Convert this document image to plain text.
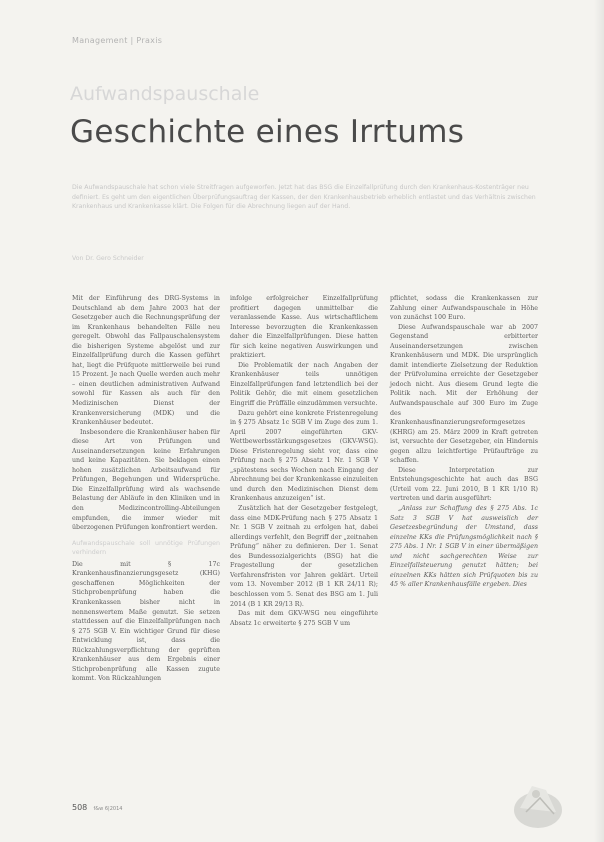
Management | Praxis
Aufwandspauschale
Geschichte eines Irrtums
Die Aufwandspauschale hat schon viele Streitfragen aufgeworfen. Jetzt hat das BSG die Einzelfallprüfung durch den Krankenhaus-Kostenträger neu definiert. Es geht um den eigentlichen Überprüfungsauftrag der Kassen, der den Krankenhausbetrieb erheblich entlastet und das Verhältnis zwischen Krankenhaus und Krankenkasse klärt. Die Folgen für die Abrechnung liegen auf der Hand.
Von Dr. Gero Schneider

Mit der Einführung des DRG-Systems in Deutschland ab dem Jahre 2003 hat der Gesetzgeber auch die Rechnungsprüfung der im Krankenhaus behandelten Fälle neu geregelt. Obwohl das Fallpauschalensystem die bisherigen Systeme abgelöst und zur Einzelfallprüfung durch die Kassen geführt hat, liegt die Prüfquote mittlerweile bei rund 15 Prozent. Je nach Quelle werden auch mehr – einen deutlichen administrativen Aufwand sowohl für Kassen als auch für den Medizinischen Dienst der Krankenversicherung (MDK) und die Krankenhäuser bedeutet.

Insbesondere die Krankenhäuser haben für diese Art von Prüfungen und Auseinandersetzungen keine Erfahrungen und keine Kapazitäten. Sie beklagen einen hohen zusätzlichen Arbeitsaufwand für Prüfungen, Begehungen und Widersprüche. Die Einzelfallprüfung wird als wachsende Belastung der Abläufe in den Kliniken und in den Medizincontrolling-Abteilungen empfunden, die immer wieder mit überzogenen Prüfungen konfrontiert werden.

Aufwandspauschale soll unnötige Prüfungen verhindern

Die mit § 17c Krankenhausfinanzierungsgesetz (KHG) geschaffenen Möglichkeiten der Stichprobenprüfung haben die Krankenkassen bisher nicht in nennenswertem Maße genutzt. Sie setzen stattdessen auf die Einzelfallprüfungen nach § 275 SGB V. Ein wichtiger Grund für diese Entwicklung ist, dass die Rückzahlungsverpflichtung der geprüften Krankenhäuser aus dem Ergebnis einer Stichprobenprüfung alle Kassen zugute kommt. Von Rückzahlungen

infolge erfolgreicher Einzelfallprüfung profitiert dagegen unmittelbar die veranlassende Kasse. Aus wirtschaftlichem Interesse bevorzugten die Krankenkassen daher die Einzelfallprüfungen. Diese hatten für sich keine negativen Auswirkungen und praktiziert.

Die Problematik der nach Angaben der Krankenhäuser teils unnötigen Einzelfallprüfungen fand letztendlich bei der Politik Gehör, die mit einem gesetzlichen Eingriff die Prüffälle einzudämmen versuchte.

Dazu gehört eine konkrete Fristenregelung in § 275 Absatz 1c SGB V im Zuge des zum 1. April 2007 eingeführten GKV-Wettbewerbsstärkungsgesetzes (GKV-WSG). Diese Fristenregelung sieht vor, dass eine Prüfung nach § 275 Absatz 1 Nr. 1 SGB V „spätestens sechs Wochen nach Eingang der Abrechnung bei der Krankenkasse einzuleiten und durch den Medizinischen Dienst dem Krankenhaus anzuzeigen“ ist.

Zusätzlich hat der Gesetzgeber festgelegt, dass eine MDK-Prüfung nach § 275 Absatz 1 Nr. 1 SGB V zeitnah zu erfolgen hat, dabei allerdings verfehlt, den Begriff der „zeitnahen Prüfung“ näher zu definieren. Der 1. Senat des Bundessozialgerichts (BSG) hat die Fragestellung der gesetzlichen Verfahrensfristen vor Jahren geklärt. Urteil vom 13. November 2012 (B 1 KR 24/11 R); beschlossen vom 5. Senat des BSG am 1. Juli 2014 (B 1 KR 29/13 R).

Das mit dem GKV-WSG neu eingeführte Absatz 1c erweiterte § 275 SGB V um

pflichtet, sodass die Krankenkassen zur Zahlung einer Aufwandspauschale in Höhe von zunächst 100 Euro.

Diese Aufwandspauschale war ab 2007 Gegenstand erbitterter Auseinandersetzungen zwischen Krankenhäusern und MDK. Die ursprünglich damit intendierte Zielsetzung der Reduktion der Prüfvolumina erreichte der Gesetzgeber jedoch nicht. Aus diesem Grund legte die Politik nach. Mit der Erhöhung der Aufwandspauschale auf 300 Euro im Zuge des Krankenhausfinanzierungsreformgesetzes (KHRG) am 25. März 2009 in Kraft getreten ist, versuchte der Gesetzgeber, ein Hindernis gegen allzu leichtfertige Prüfaufträge zu schaffen.

Diese Interpretation zur Entstehungsgeschichte hat auch das BSG (Urteil vom 22. Juni 2010, B 1 KR 1/10 R) vertreten und darin ausgeführt:

„Anlass zur Schaffung des § 275 Abs. 1c Satz 3 SGB V hat ausweislich der Gesetzesbegründung der Umstand, dass einzelne KKs die Prüfungsmöglichkeit nach § 275 Abs. 1 Nr. 1 SGB V in einer übermäßigen und nicht sachgerechten Weise zur Einzelfallsteuerung genutzt hätten; bei einzelnen KKs hätten sich Prüfquoten bis zu 45 % aller Krankenhausfälle ergeben. Dies

508 f&w 6|2014
